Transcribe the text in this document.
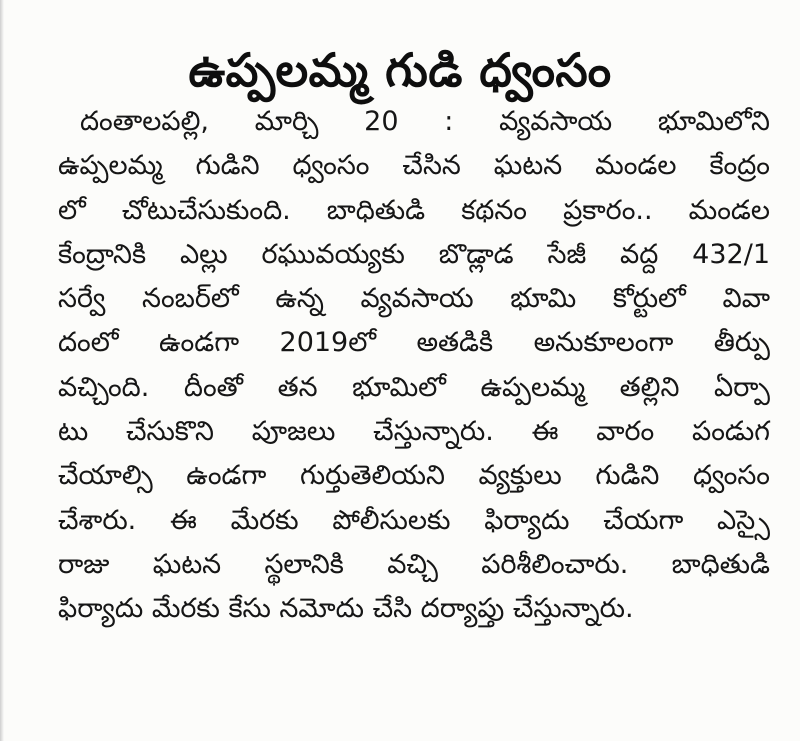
ఉప్పలమ్మ గుడి ధ్వంసం
దంతాలపల్లి, మార్చి 20 : వ్యవసాయ భూమిలోని
ఉప్పలమ్మ గుడిని ధ్వంసం చేసిన ఘటన మండల కేంద్రం
లో చోటుచేసుకుంది. బాధితుడి కథనం ప్రకారం.. మండల
కేంద్రానికి ఎల్లు రఘువయ్యకు బొడ్లాడ సేజీ వద్ద 432/1
సర్వే నంబర్‌లో ఉన్న వ్యవసాయ భూమి కోర్టులో వివా
దంలో ఉండగా 2019లో అతడికి అనుకూలంగా తీర్పు
వచ్చింది. దీంతో తన భూమిలో ఉప్పలమ్మ తల్లిని ఏర్పా
టు చేసుకొని పూజలు చేస్తున్నారు. ఈ వారం పండుగ
చేయాల్సి ఉండగా గుర్తుతెలియని వ్యక్తులు గుడిని ధ్వంసం
చేశారు. ఈ మేరకు పోలీసులకు ఫిర్యాదు చేయగా ఎస్సై
రాజు ఘటన స్థలానికి వచ్చి పరిశీలించారు. బాధితుడి
ఫిర్యాదు మేరకు కేసు నమోదు చేసి దర్యాప్తు చేస్తున్నారు.
